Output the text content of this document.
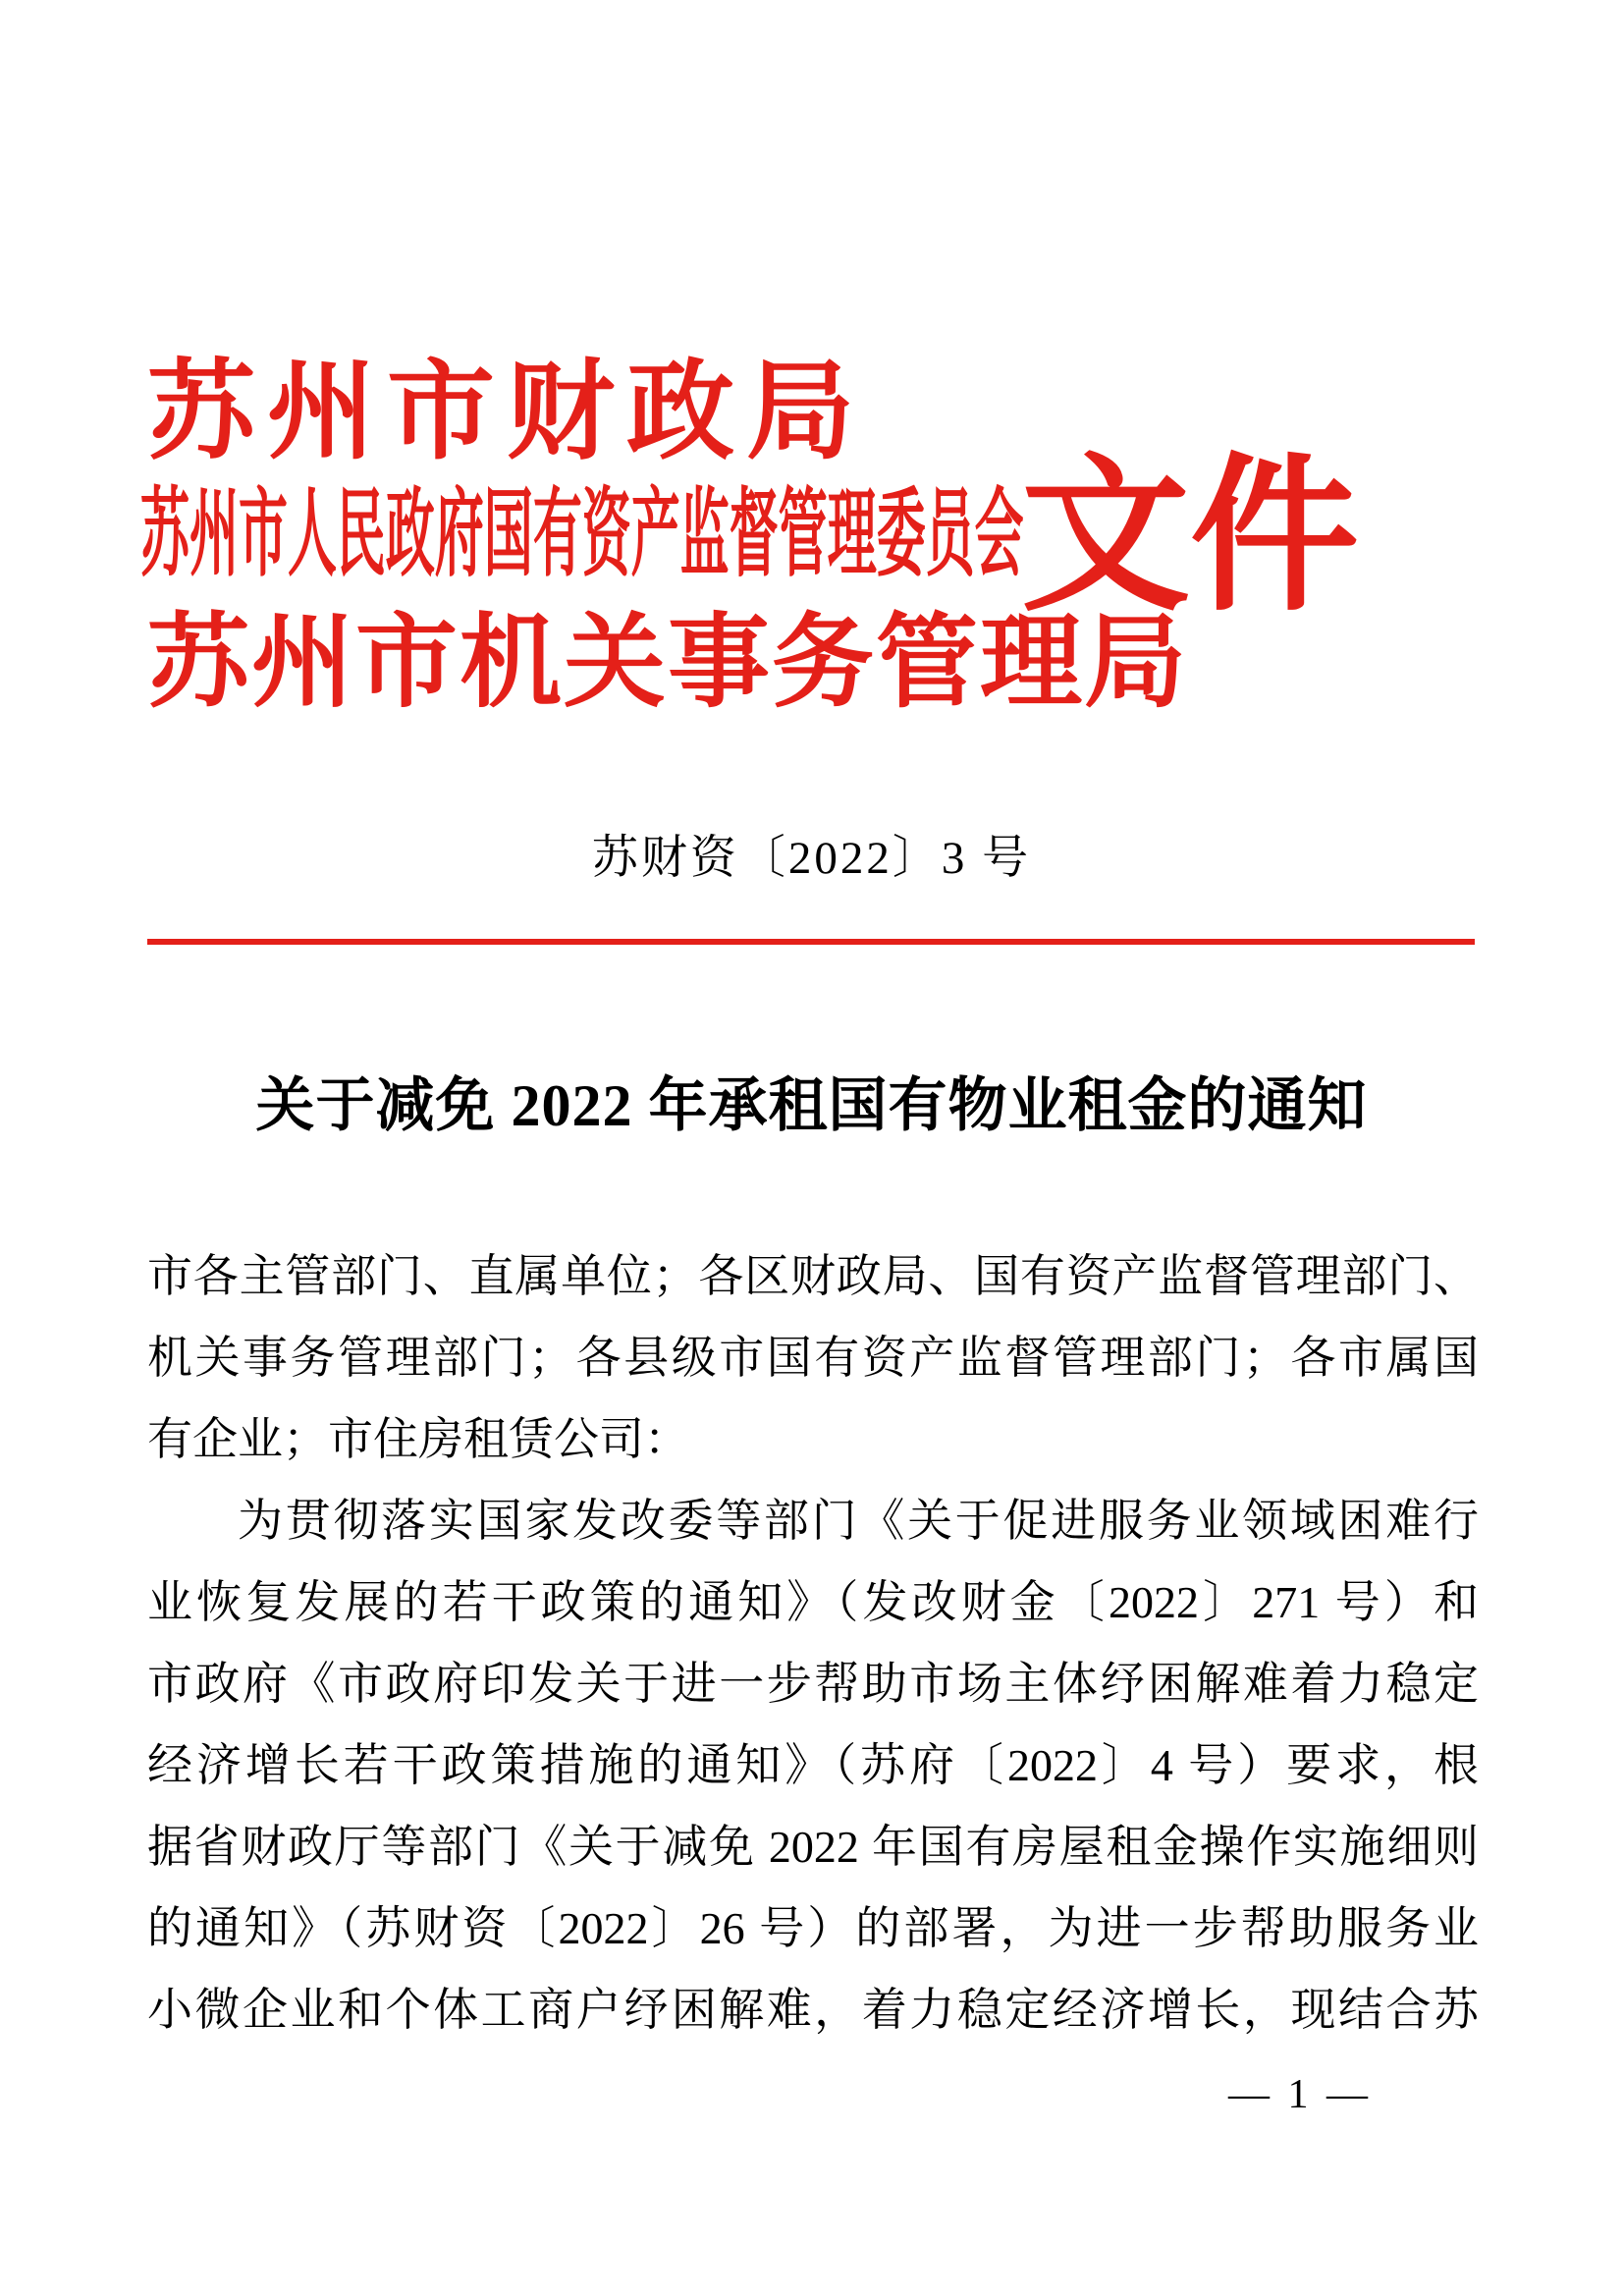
苏州市财政局
苏州市人民政府国有资产监督管理委员会
苏州市机关事务管理局
文件
苏财资〔2022〕3 号
关于减免 2022 年承租国有物业租金的通知

市各主管部门、直属单位；各区财政局、国有资产监督管理部门、

机关事务管理部门；各县级市国有资产监督管理部门；各市属国

有企业；市住房租赁公司：

为贯彻落实国家发改委等部门《关于促进服务业领域困难行

业恢复发展的若干政策的通知》（发改财金〔2022〕271 号）和

市政府《市政府印发关于进一步帮助市场主体纾困解难着力稳定

经济增长若干政策措施的通知》（苏府〔2022〕4 号）要求，根

据省财政厅等部门《关于减免 2022 年国有房屋租金操作实施细则

的通知》（苏财资〔2022〕26 号）的部署，为进一步帮助服务业

小微企业和个体工商户纾困解难，着力稳定经济增长，现结合苏

— 1 —
